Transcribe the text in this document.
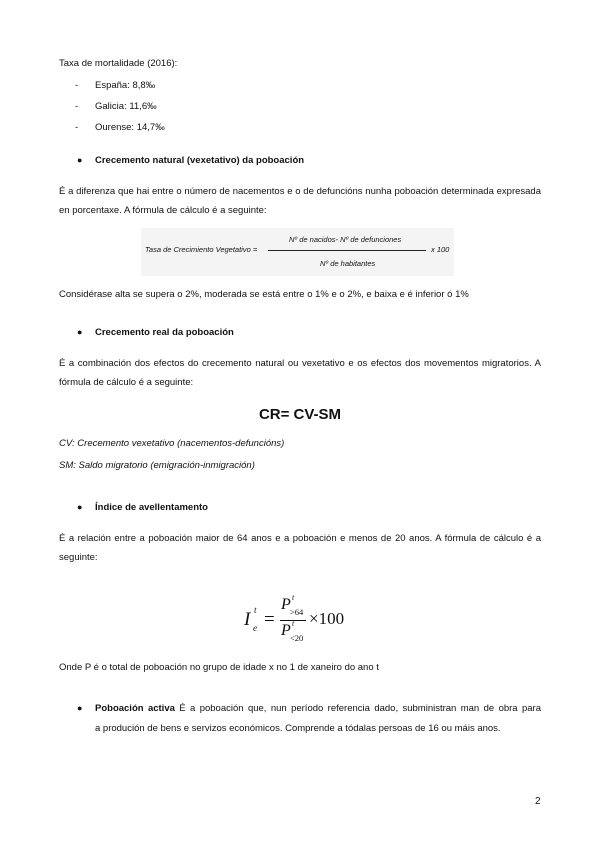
Taxa de mortalidade (2016):
- España: 8,8‰
- Galicia: 11,6‰
- Ourense: 14,7‰
● Crecemento natural (vexetativo) da poboación
É a diferenza que hai entre o número de nacementos e o de defuncións nunha poboación determinada expresada en porcentaxe. A fórmula de cálculo é a seguinte:
Tasa de Crecimiento Vegetativo =
Nº de nacidos- Nº de defunciones
Nº de habitantes
x 100
Considérase alta se supera o 2%, moderada se está entre o 1% e o 2%, e baixa e é inferior ó 1%
● Crecemento real da poboación
É a combinación dos efectos do crecemento natural ou vexetativo e os efectos dos movementos migratorios. A fórmula de cálculo é a seguinte:
CR= CV-SM
CV: Crecemento vexetativo (nacementos-defuncións)
SM: Saldo migratorio (emigración-inmigración)
● Índice de avellentamento
É a relación entre a poboación maior de 64 anos e a poboación e menos de 20 anos. A fórmula de cálculo é a seguinte:
I t
e =
P t
>64
P t
<20
×100
Onde P é o total de poboación no grupo de idade x no 1 de xaneiro do ano t
● Poboación activa É a poboación que, nun período referencia dado, subministran man de obra para
a produción de bens e servizos económicos. Comprende a tódalas persoas de 16 ou máis anos.
2
